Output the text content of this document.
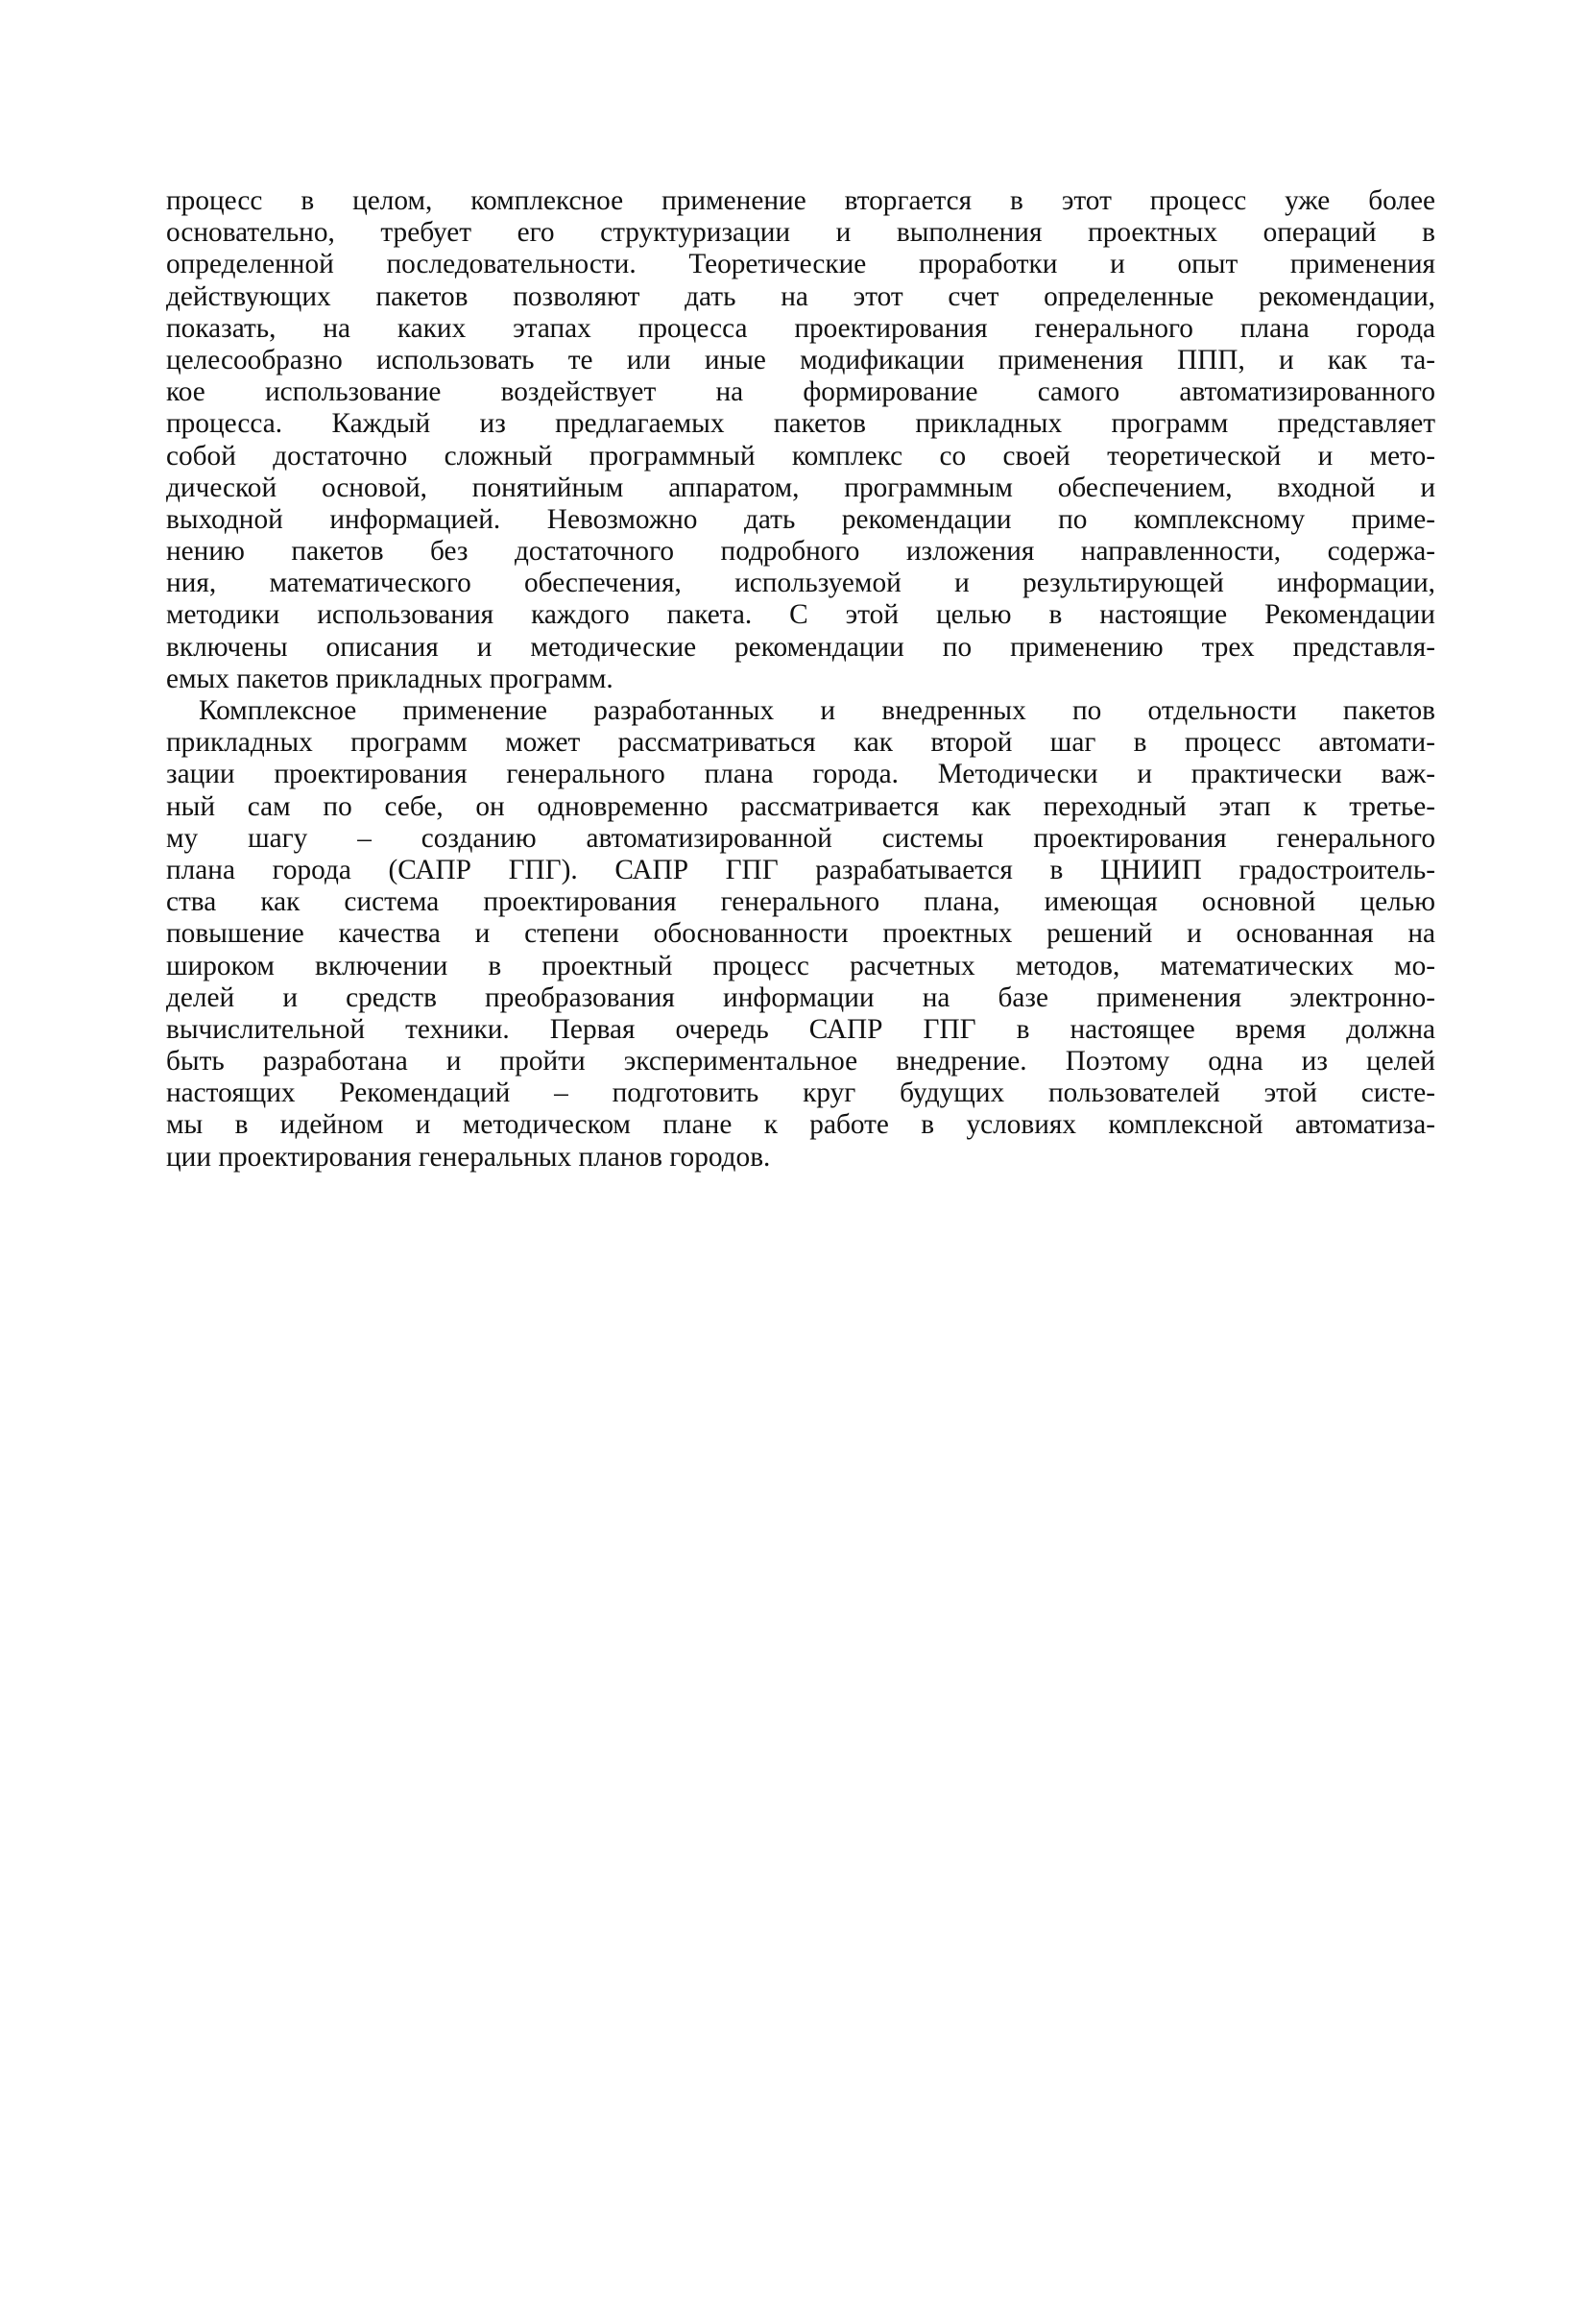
процесс в целом, комплексное применение вторгается в этот процесс уже более
основательно, требует его структуризации и выполнения проектных операций в
определенной последовательности. Теоретические проработки и опыт применения
действующих пакетов позволяют дать на этот счет определенные рекомендации,
показать, на каких этапах процесса проектирования генерального плана города
целесообразно использовать те или иные модификации применения ППП, и как та-
кое использование воздействует на формирование самого автоматизированного
процесса. Каждый из предлагаемых пакетов прикладных программ представляет
собой достаточно сложный программный комплекс со своей теоретической и мето-
дической основой, понятийным аппаратом, программным обеспечением, входной и
выходной информацией. Невозможно дать рекомендации по комплексному приме-
нению пакетов без достаточного подробного изложения направленности, содержа-
ния, математического обеспечения, используемой и результирующей информации,
методики использования каждого пакета. С этой целью в настоящие Рекомендации
включены описания и методические рекомендации по применению трех представля-
емых пакетов прикладных программ.
Комплексное применение разработанных и внедренных по отдельности пакетов
прикладных программ может рассматриваться как второй шаг в процесс автомати-
зации проектирования генерального плана города. Методически и практически важ-
ный сам по себе, он одновременно рассматривается как переходный этап к третье-
му шагу – созданию автоматизированной системы проектирования генерального
плана города (САПР ГПГ). САПР ГПГ разрабатывается в ЦНИИП градостроитель-
ства как система проектирования генерального плана, имеющая основной целью
повышение качества и степени обоснованности проектных решений и основанная на
широком включении в проектный процесс расчетных методов, математических мо-
делей и средств преобразования информации на базе применения электронно-
вычислительной техники. Первая очередь САПР ГПГ в настоящее время должна
быть разработана и пройти экспериментальное внедрение. Поэтому одна из целей
настоящих Рекомендаций – подготовить круг будущих пользователей этой систе-
мы в идейном и методическом плане к работе в условиях комплексной автоматиза-
ции проектирования генеральных планов городов.
